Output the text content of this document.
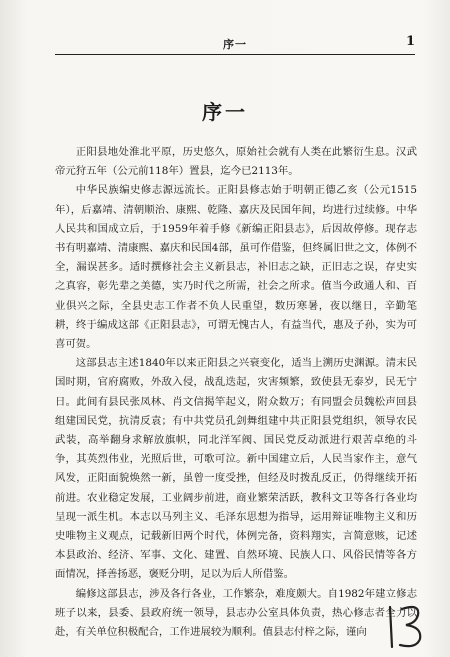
序一	1
序一

正阳县地处淮北平原，历史悠久，原始社会就有人类在此繁衍生息。汉武帝元狩五年（公元前118年）置县，迄今已2113年。

中华民族编史修志源远流长。正阳县修志始于明朝正德乙亥（公元1515年），后嘉靖、清朝顺治、康熙、乾隆、嘉庆及民国年间，均进行过续修。中华人民共和国成立后，于1959年着手修《新编正阳县志》，后因故停修。现存志书有明嘉靖、清康熙、嘉庆和民国4部，虽可作借鉴，但终属旧世之文，体例不全，漏误甚多。适时撰修社会主义新县志，补旧志之缺，正旧志之误，存史实之真容，彰先辈之美德，实乃时代之所需，社会之所求。值当今政通人和、百业俱兴之际，全县史志工作者不负人民重望，数历寒暑，夜以继日，辛勤笔耕，终于编成这部《正阳县志》，可谓无愧古人，有益当代，惠及子孙，实为可喜可贺。

这部县志主述1840年以来正阳县之兴衰变化，适当上溯历史渊源。清末民国时期，官府腐败，外敌入侵，战乱迭起，灾害频繁，致使县无泰岁，民无宁日。此间有县民张凤林、肖文信揭竿起义，附众数万；有同盟会员魏松声回县组建国民党，抗清反袁；有中共党员孔剑舞组建中共正阳县党组织，领导农民武装，高举翻身求解放旗帜，同北洋军阀、国民党反动派进行艰苦卓绝的斗争，其英烈伟业，光照后世，可歌可泣。新中国建立后，人民当家作主，意气风发，正阳面貌焕然一新，虽曾一度受挫，但经及时拨乱反正，仍得继续开拓前进。农业稳定发展，工业阔步前进，商业繁荣活跃，教科文卫等各行各业均呈现一派生机。本志以马列主义、毛泽东思想为指导，运用辩证唯物主义和历史唯物主义观点，记载新旧两个时代，体例完备，资料翔实，言简意赅，记述本县政治、经济、军事、文化、建置、自然环境、民族人口、风俗民情等各方面情况，择善扬恶，褒贬分明，足以为后人所借鉴。

编修这部县志，涉及各行各业，工作繁杂，难度颇大。自1982年建立修志班子以来，县委、县政府统一领导，县志办公室具体负责，热心修志者全力以赴，有关单位积极配合，工作进展较为顺利。值县志付梓之际，谨向
